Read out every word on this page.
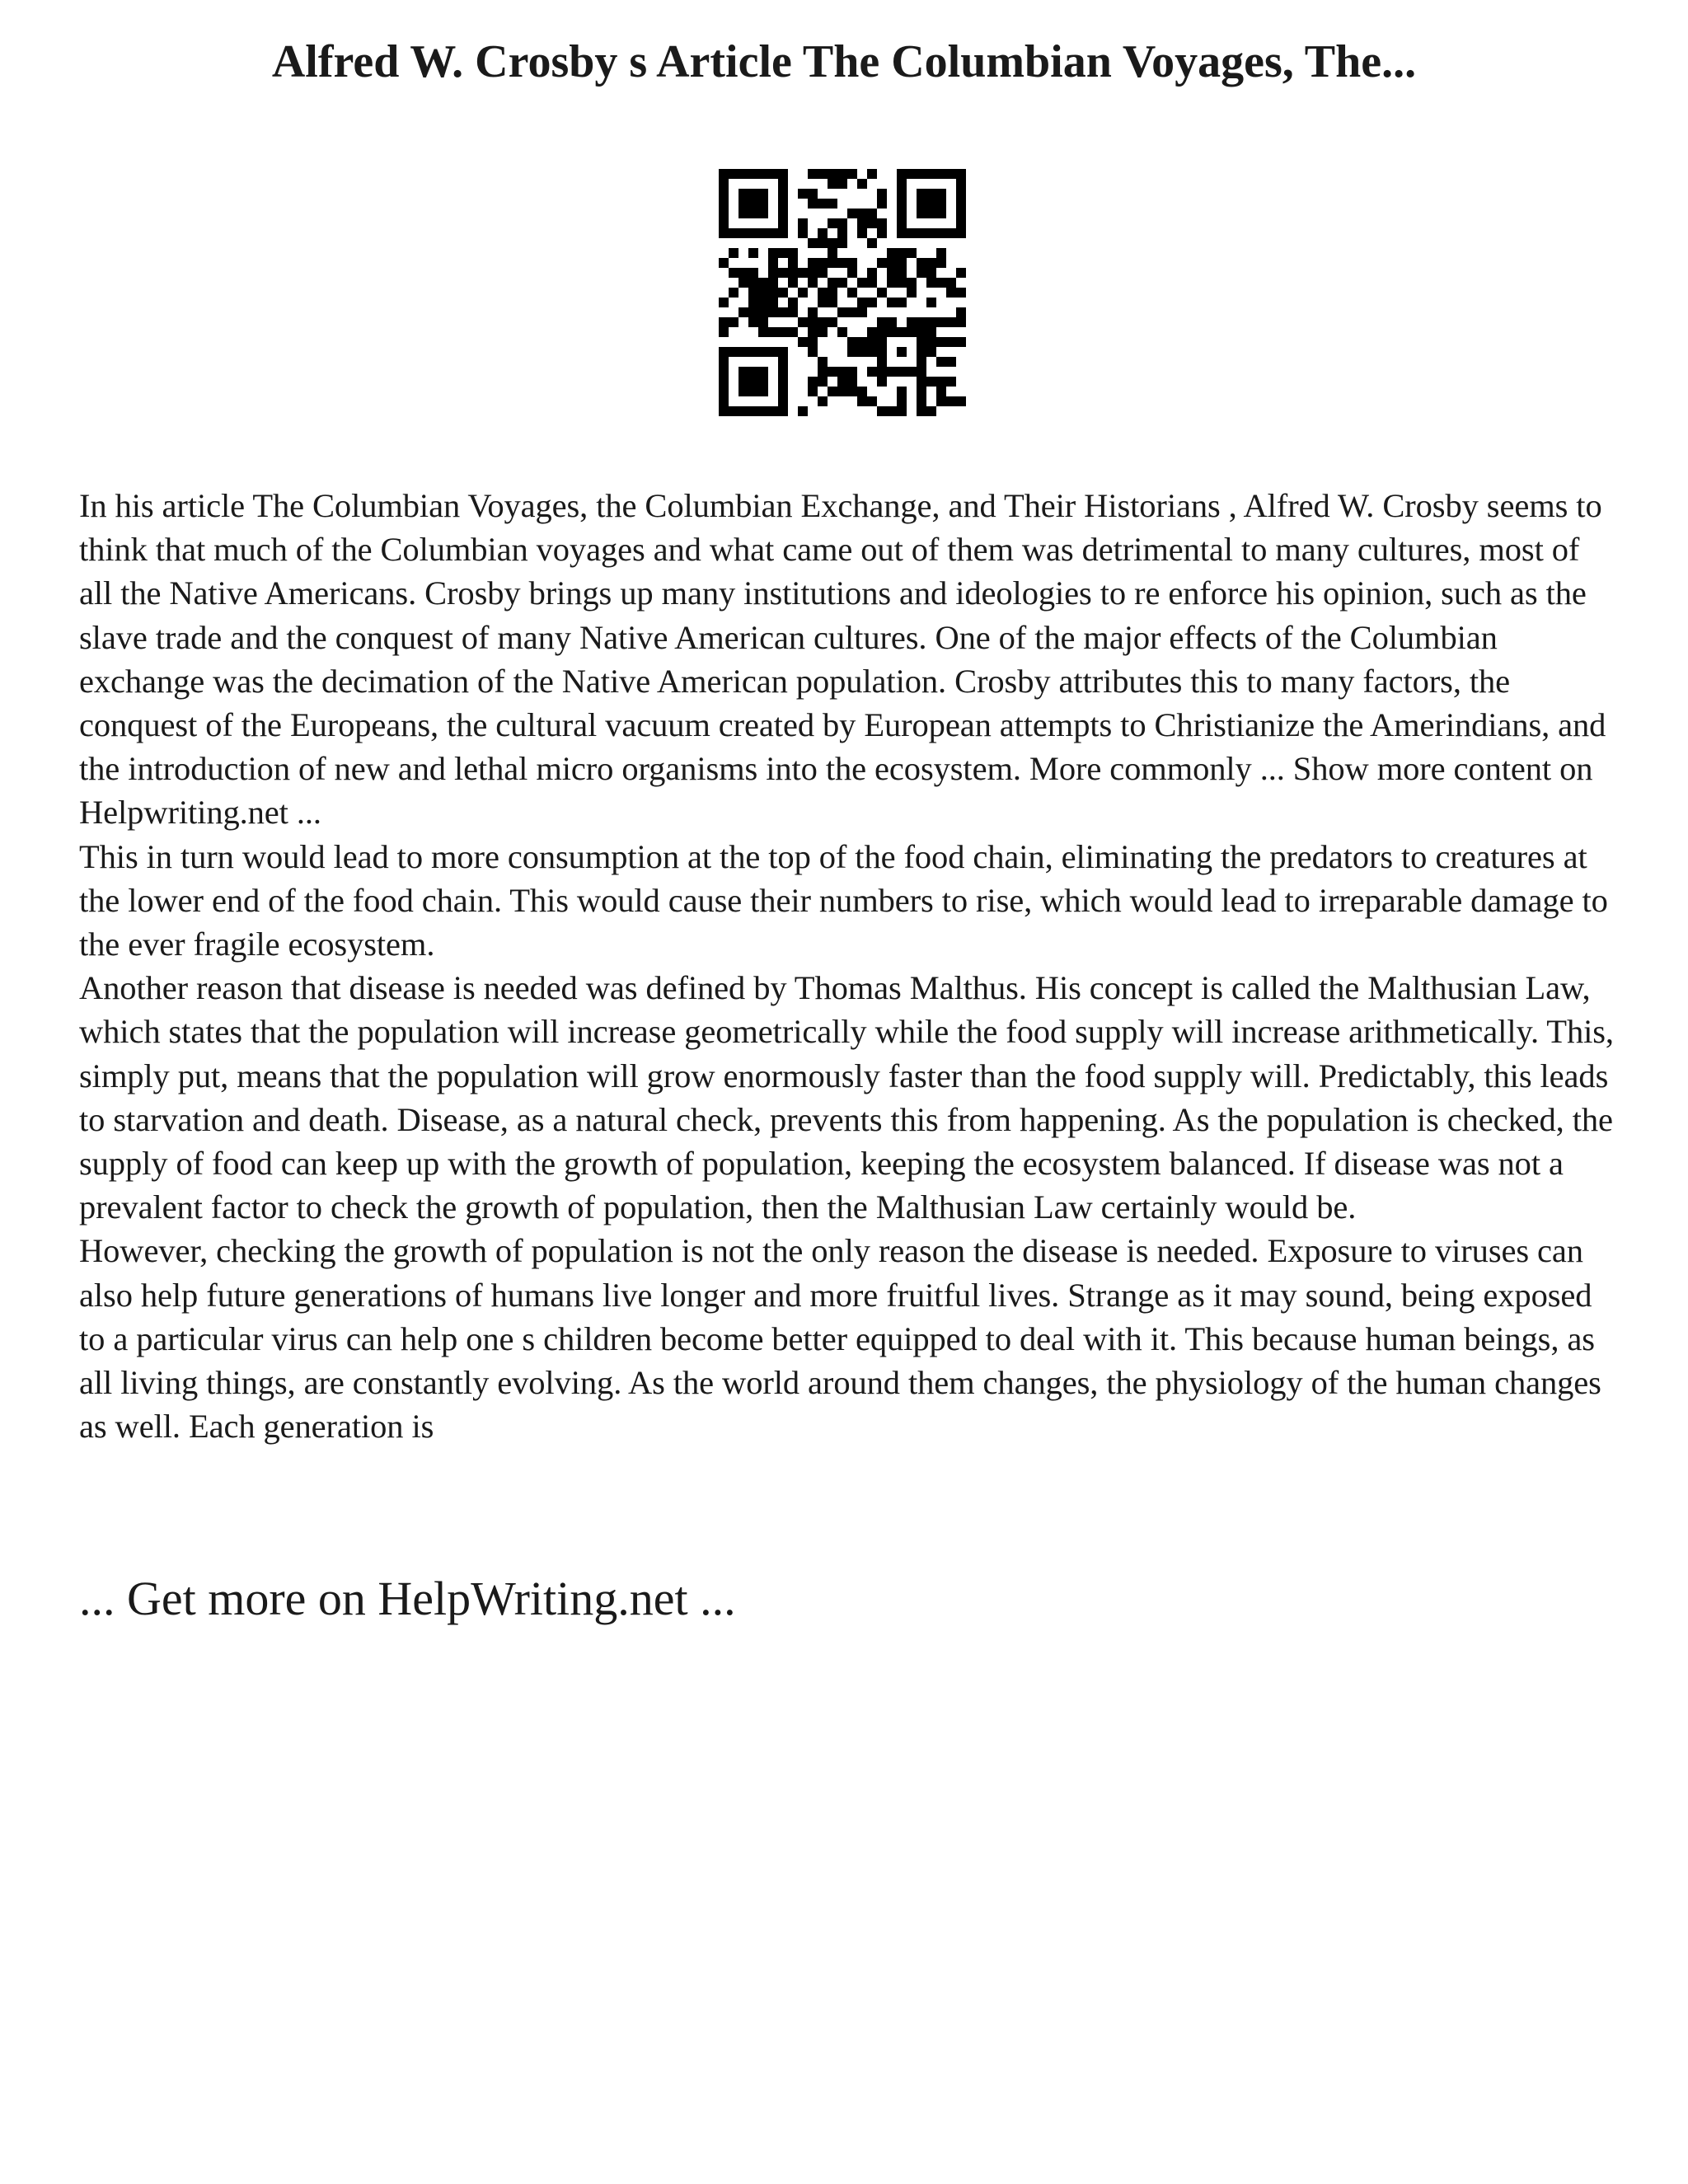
Alfred W. Crosby s Article The Columbian Voyages, The...

In his article The Columbian Voyages, the Columbian Exchange, and Their Historians , Alfred W. Crosby seems to think that much of the Columbian voyages and what came out of them was detrimental to many cultures, most of all the Native Americans. Crosby brings up many institutions and ideologies to re enforce his opinion, such as the slave trade and the conquest of many Native American cultures. One of the major effects of the Columbian exchange was the decimation of the Native American population. Crosby attributes this to many factors, the conquest of the Europeans, the cultural vacuum created by European attempts to Christianize the Amerindians, and the introduction of new and lethal micro organisms into the ecosystem. More commonly ... Show more content on Helpwriting.net ...

This in turn would lead to more consumption at the top of the food chain, eliminating the predators to creatures at the lower end of the food chain. This would cause their numbers to rise, which would lead to irreparable damage to the ever fragile ecosystem.

Another reason that disease is needed was defined by Thomas Malthus. His concept is called the Malthusian Law, which states that the population will increase geometrically while the food supply will increase arithmetically. This, simply put, means that the population will grow enormously faster than the food supply will. Predictably, this leads to starvation and death. Disease, as a natural check, prevents this from happening. As the population is checked, the supply of food can keep up with the growth of population, keeping the ecosystem balanced. If disease was not a prevalent factor to check the growth of population, then the Malthusian Law certainly would be.

However, checking the growth of population is not the only reason the disease is needed. Exposure to viruses can also help future generations of humans live longer and more fruitful lives. Strange as it may sound, being exposed to a particular virus can help one s children become better equipped to deal with it. This because human beings, as all living things, are constantly evolving. As the world around them changes, the physiology of the human changes as well. Each generation is

... Get more on HelpWriting.net ...
